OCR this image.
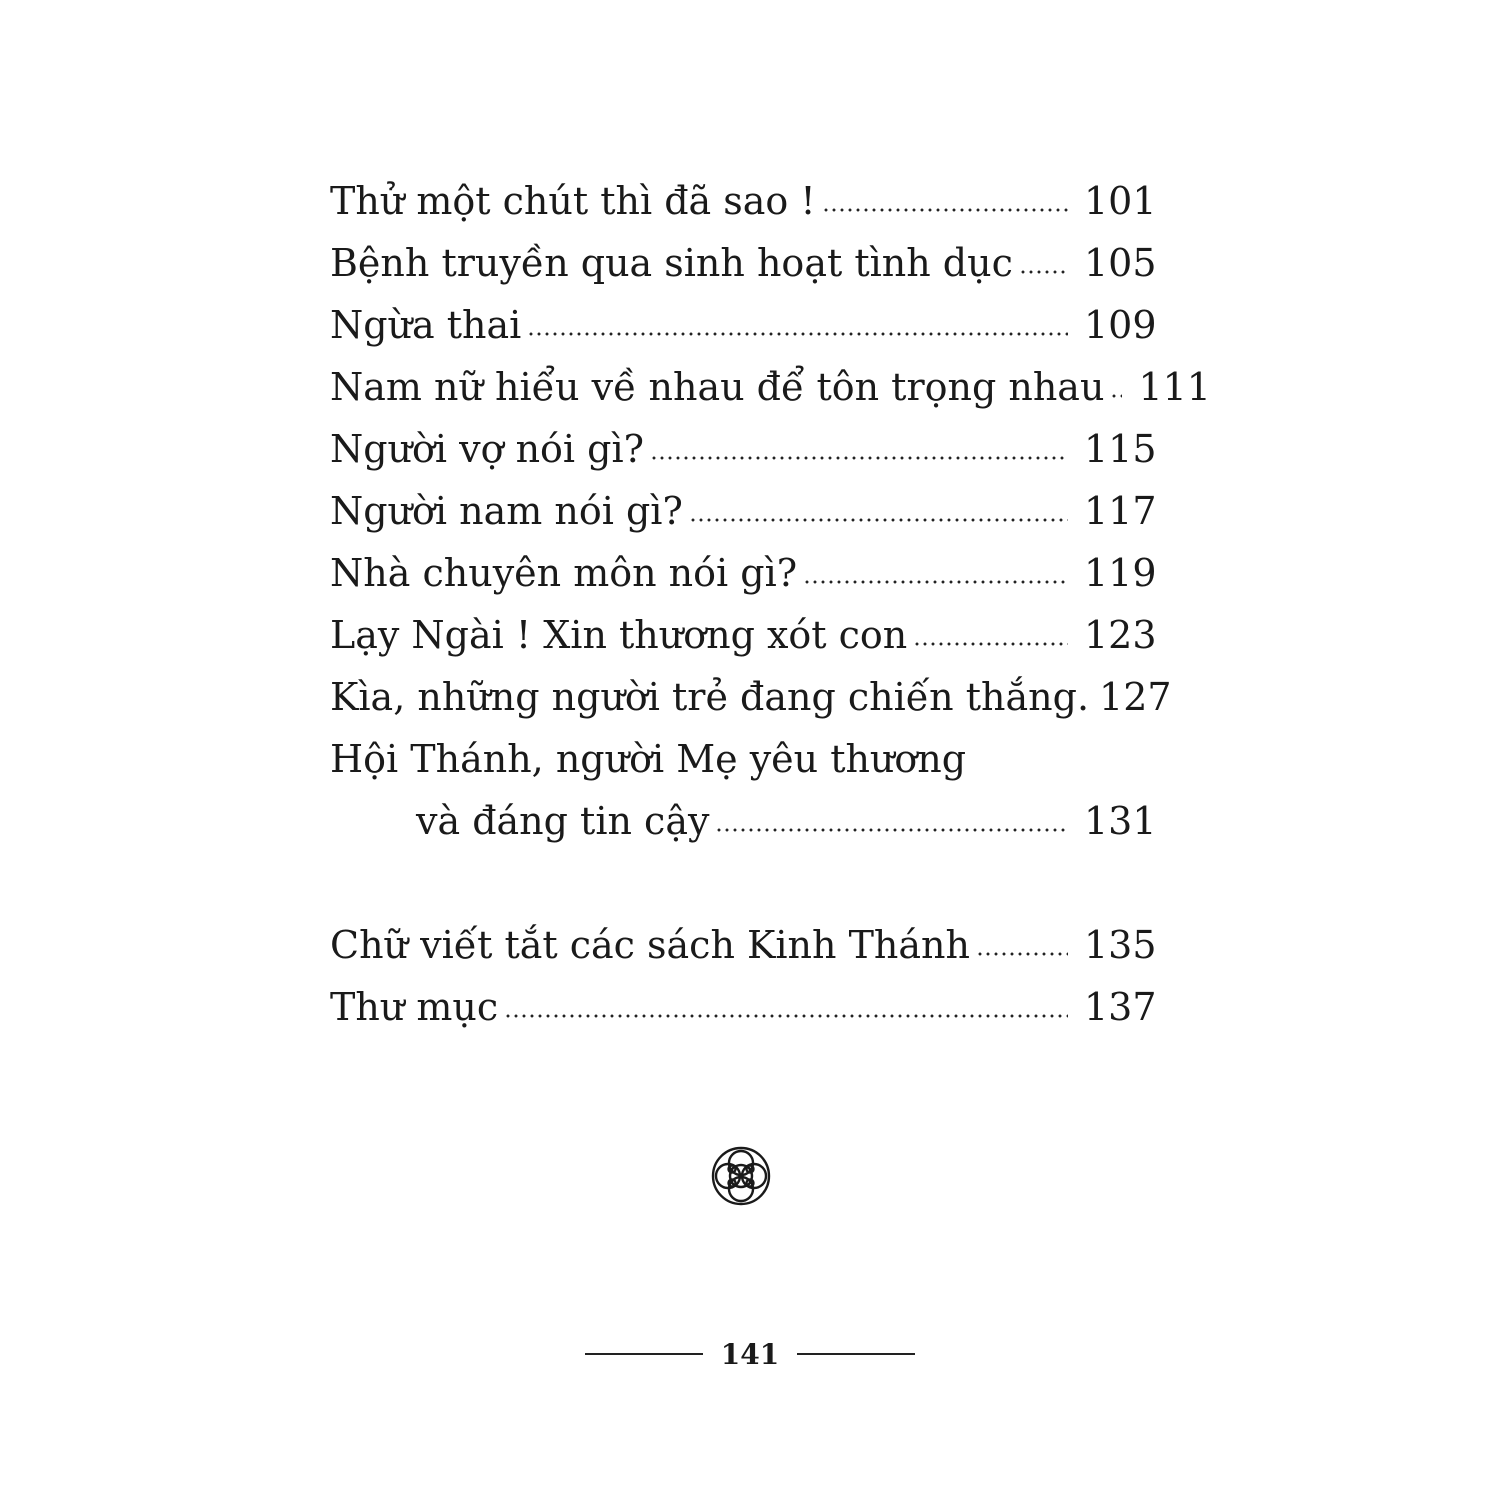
Thử một chút thì đã sao !	101
Bệnh truyền qua sinh hoạt tình dục 105
Ngừa thai	109
Nam nữ hiểu về nhau để tôn trọng nhau 111
Người vợ nói gì?	115
Người nam nói gì?	117
Nhà chuyên môn nói gì?	119
Lạy Ngài ! Xin thương xót con	123
Kìa, những người trẻ đang chiến thắng. 127
Hội Thánh, người Mẹ yêu thương
và đáng tin cậy	131
Chữ viết tắt các sách Kinh Thánh	135
Thư mục	137
141
